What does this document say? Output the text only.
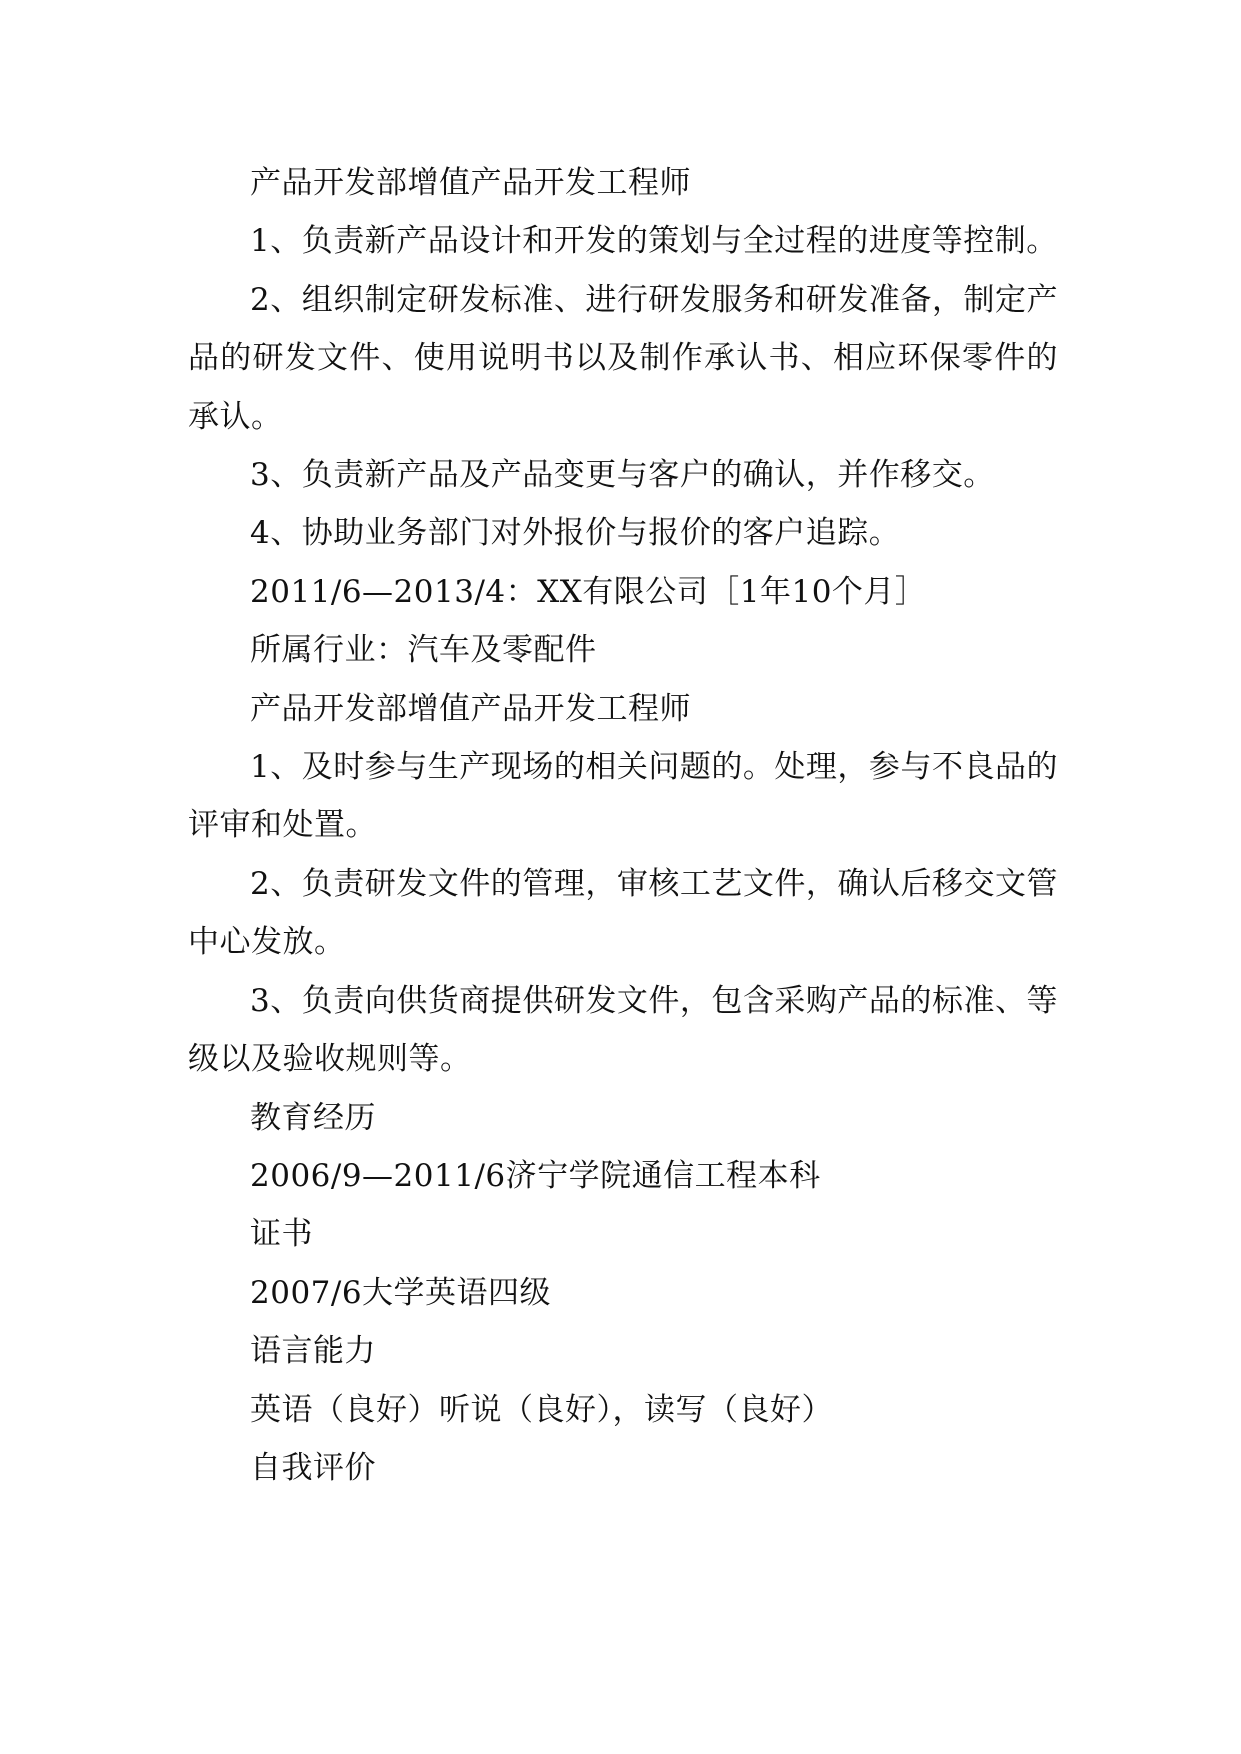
产品开发部增值产品开发工程师

1、负责新产品设计和开发的策划与全过程的进度等控制。

2、组织制定研发标准、进行研发服务和研发准备，制定产品的研发文件、使用说明书以及制作承认书、相应环保零件的承认。

3、负责新产品及产品变更与客户的确认，并作移交。

4、协助业务部门对外报价与报价的客户追踪。

2011/6—2013/4：XX有限公司［1年10个月］

所属行业：汽车及零配件

产品开发部增值产品开发工程师

1、及时参与生产现场的相关问题的。处理，参与不良品的评审和处置。

2、负责研发文件的管理，审核工艺文件，确认后移交文管中心发放。

3、负责向供货商提供研发文件，包含采购产品的标准、等级以及验收规则等。

教育经历

2006/9—2011/6济宁学院通信工程本科

证书

2007/6大学英语四级

语言能力

英语（良好）听说（良好），读写（良好）

自我评价
